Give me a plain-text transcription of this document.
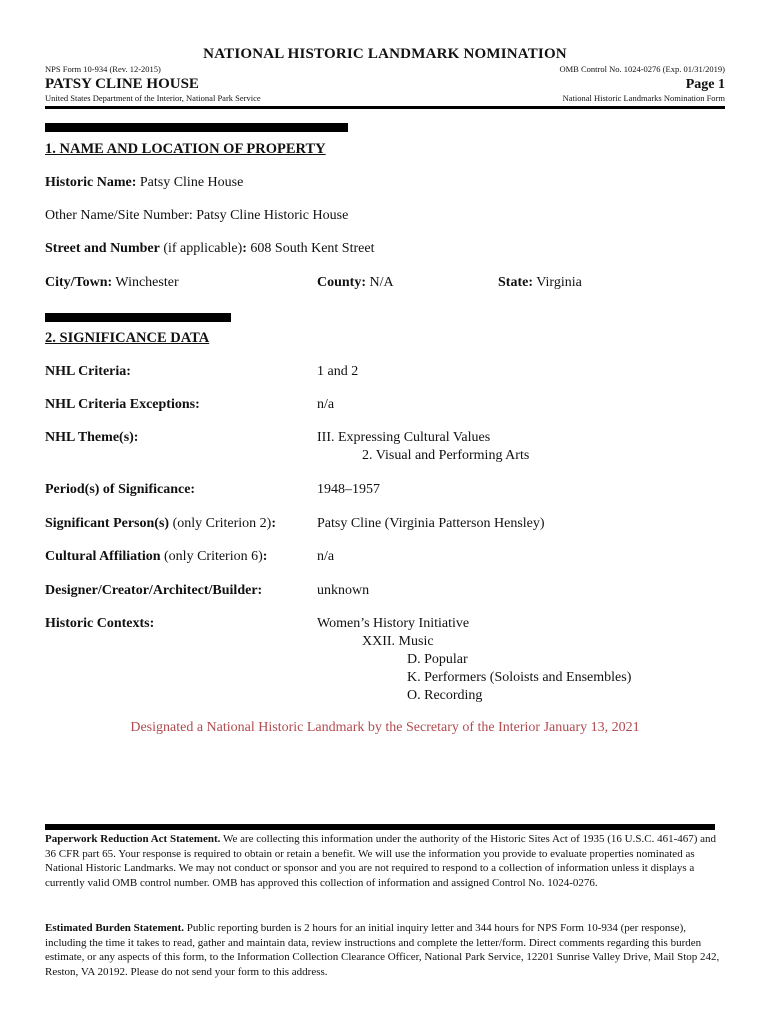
NATIONAL HISTORIC LANDMARK NOMINATION
NPS Form 10-934 (Rev. 12-2015)	OMB Control No. 1024-0276 (Exp. 01/31/2019)
PATSY CLINE HOUSE	Page 1
United States Department of the Interior, National Park Service	National Historic Landmarks Nomination Form
1. NAME AND LOCATION OF PROPERTY
Historic Name: Patsy Cline House
Other Name/Site Number: Patsy Cline Historic House
Street and Number (if applicable): 608 South Kent Street
City/Town: Winchester	County: N/A	State: Virginia
2. SIGNIFICANCE DATA
NHL Criteria:	1 and 2
NHL Criteria Exceptions:	n/a
NHL Theme(s):	III. Expressing Cultural Values
2. Visual and Performing Arts
Period(s) of Significance:	1948–1957
Significant Person(s) (only Criterion 2):	Patsy Cline (Virginia Patterson Hensley)
Cultural Affiliation (only Criterion 6):	n/a
Designer/Creator/Architect/Builder:	unknown
Historic Contexts:	Women’s History Initiative
XXII. Music
D. Popular
K. Performers (Soloists and Ensembles)
O. Recording
Designated a National Historic Landmark by the Secretary of the Interior January 13, 2021
Paperwork Reduction Act Statement. We are collecting this information under the authority of the Historic Sites Act of 1935 (16 U.S.C. 461-467) and 36 CFR part 65. Your response is required to obtain or retain a benefit. We will use the information you provide to evaluate properties nominated as National Historic Landmarks. We may not conduct or sponsor and you are not required to respond to a collection of information unless it displays a currently valid OMB control number. OMB has approved this collection of information and assigned Control No. 1024-0276.
Estimated Burden Statement. Public reporting burden is 2 hours for an initial inquiry letter and 344 hours for NPS Form 10-934 (per response), including the time it takes to read, gather and maintain data, review instructions and complete the letter/form. Direct comments regarding this burden estimate, or any aspects of this form, to the Information Collection Clearance Officer, National Park Service, 12201 Sunrise Valley Drive, Mail Stop 242, Reston, VA 20192. Please do not send your form to this address.
